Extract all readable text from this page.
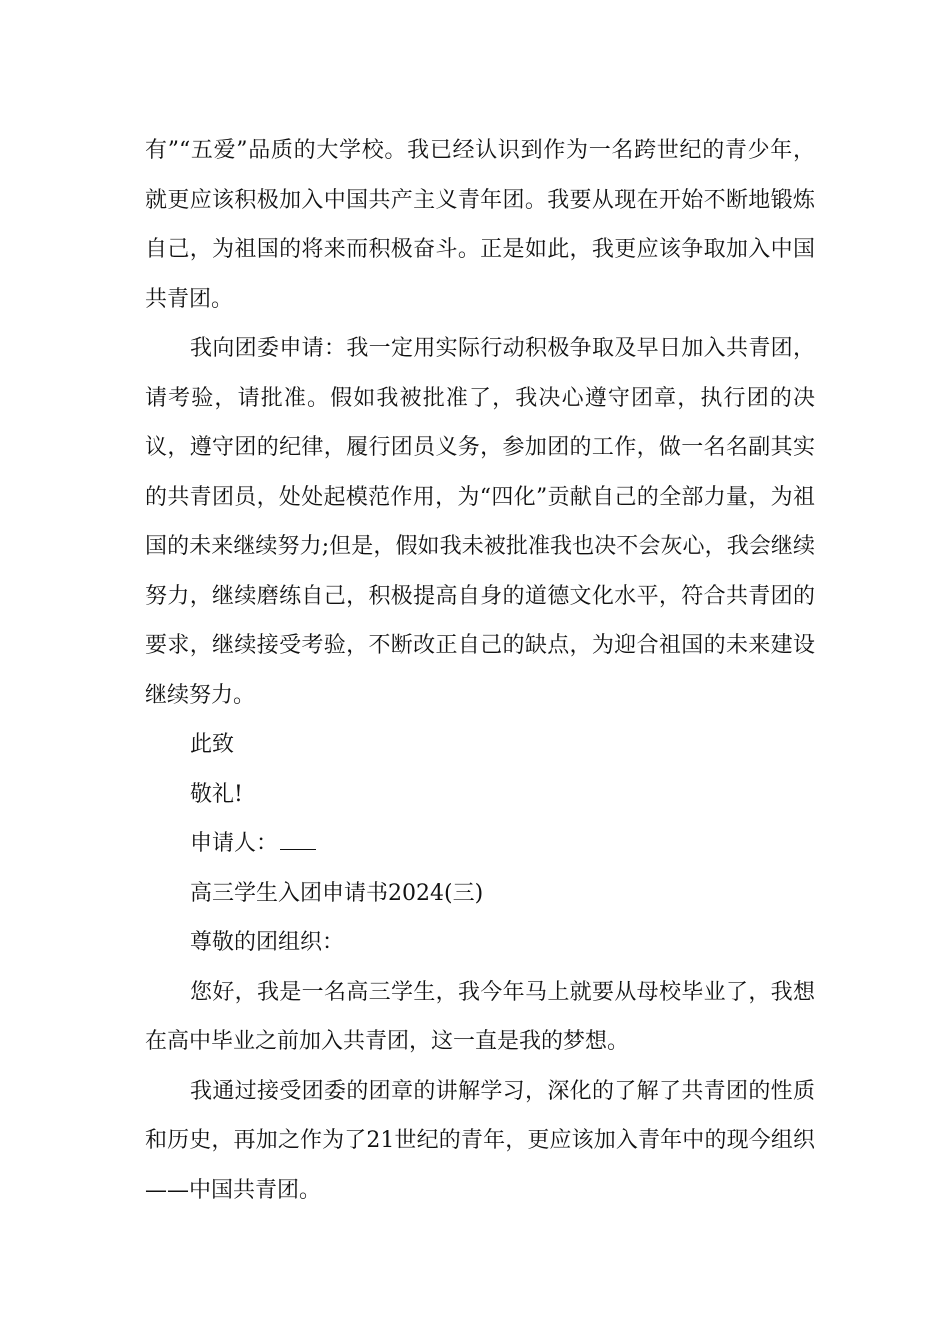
有”“五爱”品质的大学校。我已经认识到作为一名跨世纪的青少年，就更应该积极加入中国共产主义青年团。我要从现在开始不断地锻炼自己，为祖国的将来而积极奋斗。正是如此，我更应该争取加入中国共青团。

我向团委申请：我一定用实际行动积极争取及早日加入共青团，请考验，请批准。假如我被批准了，我决心遵守团章，执行团的决议，遵守团的纪律，履行团员义务，参加团的工作，做一名名副其实的共青团员，处处起模范作用，为“四化”贡献自己的全部力量，为祖国的未来继续努力;但是，假如我未被批准我也决不会灰心，我会继续努力，继续磨练自己，积极提高自身的道德文化水平，符合共青团的要求，继续接受考验，不断改正自己的缺点，为迎合祖国的未来建设继续努力。

此致

敬礼!

申请人：

高三学生入团申请书2024(三)

尊敬的团组织：

您好，我是一名高三学生，我今年马上就要从母校毕业了，我想在高中毕业之前加入共青团，这一直是我的梦想。

我通过接受团委的团章的讲解学习，深化的了解了共青团的性质和历史，再加之作为了21世纪的青年，更应该加入青年中的现今组织——中国共青团。
